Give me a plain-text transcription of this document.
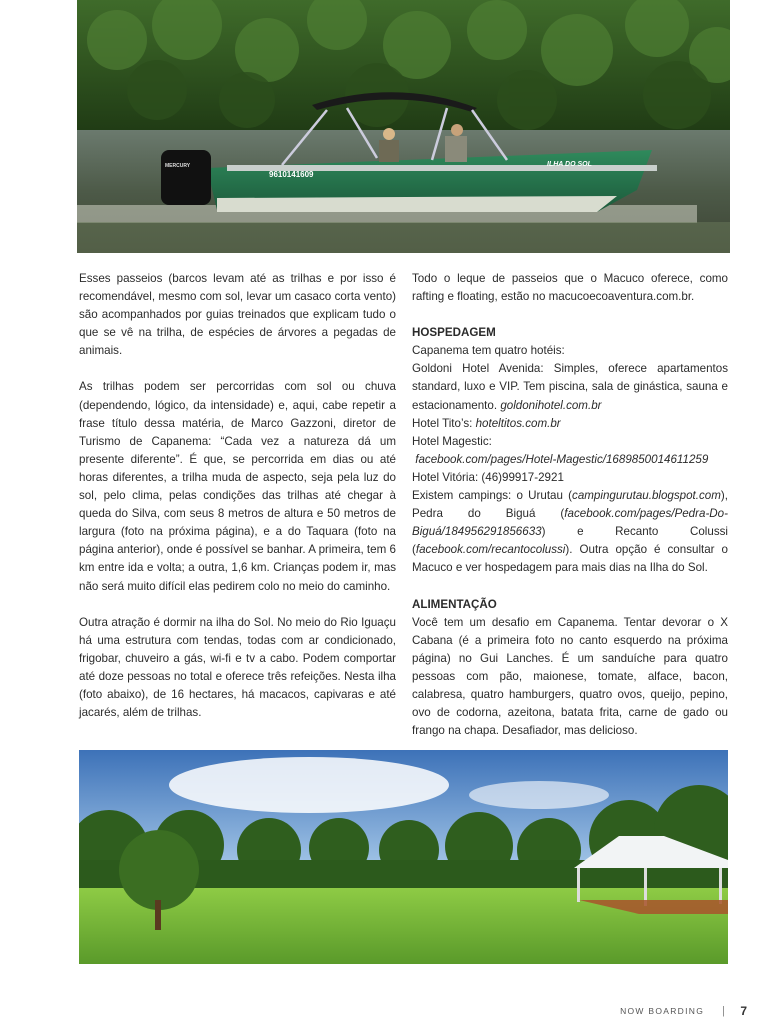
MERCURY
9610141609
ILHA DO SOL

Esses passeios (barcos levam até as trilhas e por isso é recomendável, mesmo com sol, levar um casaco corta vento) são acompanhados por guias treinados que explicam tudo o que se vê na trilha, de espécies de árvores a pegadas de animais.

As trilhas podem ser percorridas com sol ou chuva (dependendo, lógico, da intensidade) e, aqui, cabe repetir a frase título dessa matéria, de Marco Gazzoni, diretor de Turismo de Capanema: “Cada vez a natureza dá um presente diferente”. É que, se percorrida em dias ou até horas diferentes, a trilha muda de aspecto, seja pela luz do sol, pelo clima, pelas condições das trilhas até chegar à queda do Silva, com seus 8 metros de altura e 50 metros de largura (foto na próxima página), e a do Taquara (foto na página anterior), onde é possível se banhar. A primeira, tem 6 km entre ida e volta; a outra, 1,6 km. Crianças podem ir, mas não será muito difícil elas pedirem colo no meio do caminho.

Outra atração é dormir na ilha do Sol. No meio do Rio Iguaçu há uma estrutura com tendas, todas com ar condicionado, frigobar, chuveiro a gás, wi-fi e tv a cabo. Podem comportar até doze pessoas no total e oferece três refeições. Nesta ilha (foto abaixo), de 16 hectares, há macacos, capivaras e até jacarés, além de trilhas.

Todo o leque de passeios que o Macuco oferece, como rafting e floating, estão no macucoecoaventura.com.br.

HOSPEDAGEM

Capanema tem quatro hotéis:

Goldoni Hotel Avenida: Simples, oferece apartamentos standard, luxo e VIP. Tem piscina, sala de ginástica, sauna e estacionamento. goldonihotel.com.br

Hotel Tito’s: hoteltitos.com.br

Hotel Magestic:

facebook.com/pages/Hotel-Magestic/1689850014611259

Hotel Vitória: (46)99917-2921

Existem campings: o Urutau (campingurutau.blogspot.com), Pedra do Biguá (facebook.com/pages/Pedra-Do-Biguá/184956291856633) e Recanto Colussi (facebook.com/recantocolussi). Outra opção é consultar o Macuco e ver hospedagem para mais dias na Ilha do Sol.

ALIMENTAÇÃO

Você tem um desafio em Capanema. Tentar devorar o X Cabana (é a primeira foto no canto esquerdo na próxima página) no Gui Lanches. É um sanduíche para quatro pessoas com pão, maionese, tomate, alface, bacon, calabresa, quatro hamburgers, quatro ovos, queijo, pepino, ovo de codorna, azeitona, batata frita, carne de gado ou frango na chapa. Desafiador, mas delicioso.

NOW BOARDING | 7
